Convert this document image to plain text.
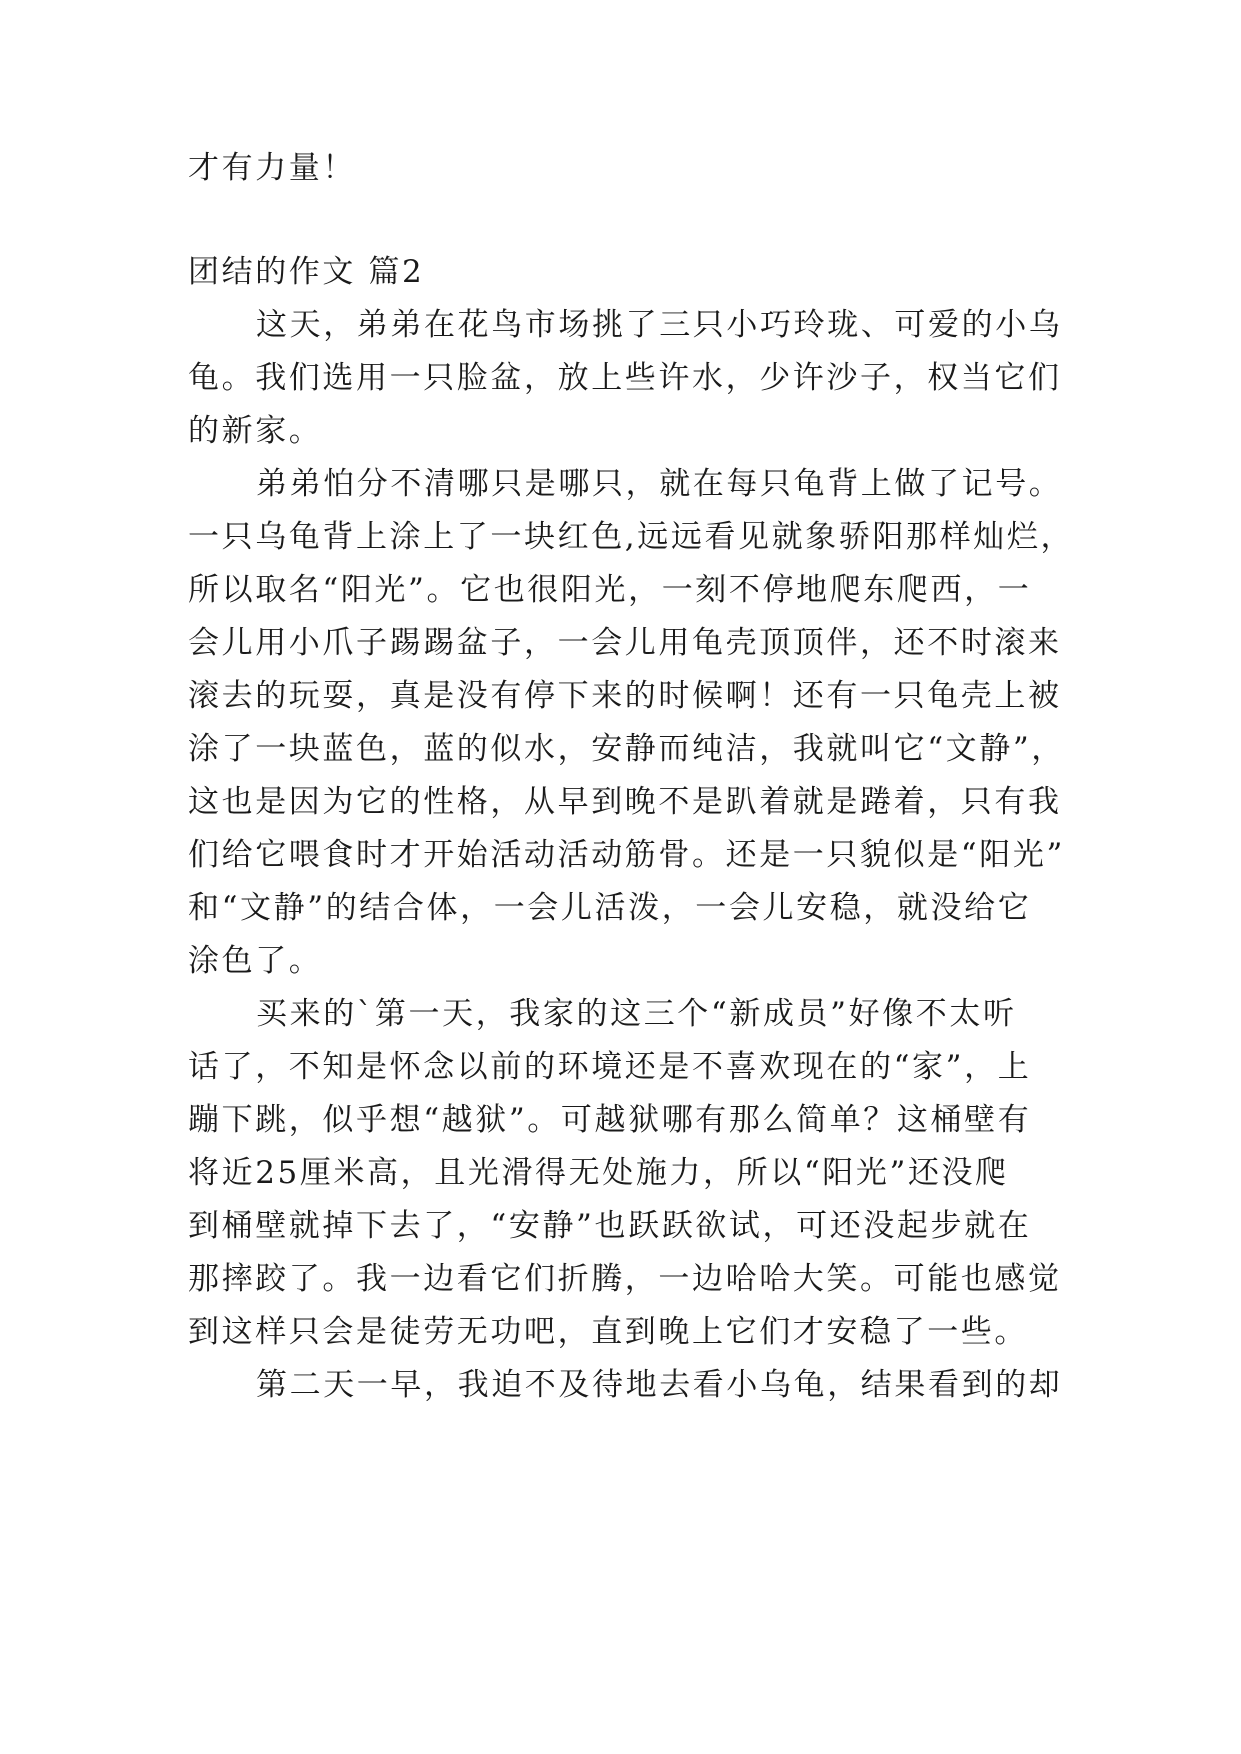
才有力量！
团结的作文 篇2
这天，弟弟在花鸟市场挑了三只小巧玲珑、可爱的小乌
龟。我们选用一只脸盆，放上些许水，少许沙子，权当它们
的新家。
弟弟怕分不清哪只是哪只，就在每只龟背上做了记号。
一只乌龟背上涂上了一块红色,远远看见就象骄阳那样灿烂，
所以取名“阳光”。它也很阳光，一刻不停地爬东爬西，一
会儿用小爪子踢踢盆子，一会儿用龟壳顶顶伴，还不时滚来
滚去的玩耍，真是没有停下来的时候啊！还有一只龟壳上被
涂了一块蓝色，蓝的似水，安静而纯洁，我就叫它“文静”，
这也是因为它的性格，从早到晚不是趴着就是踡着，只有我
们给它喂食时才开始活动活动筋骨。还是一只貌似是“阳光”
和“文静”的结合体，一会儿活泼，一会儿安稳，就没给它
涂色了。
买来的`第一天，我家的这三个“新成员”好像不太听
话了，不知是怀念以前的环境还是不喜欢现在的“家”，上
蹦下跳，似乎想“越狱”。可越狱哪有那么简单？这桶壁有
将近25厘米高，且光滑得无处施力，所以“阳光”还没爬
到桶壁就掉下去了，“安静”也跃跃欲试，可还没起步就在
那摔跤了。我一边看它们折腾，一边哈哈大笑。可能也感觉
到这样只会是徒劳无功吧，直到晚上它们才安稳了一些。
第二天一早，我迫不及待地去看小乌龟，结果看到的却
